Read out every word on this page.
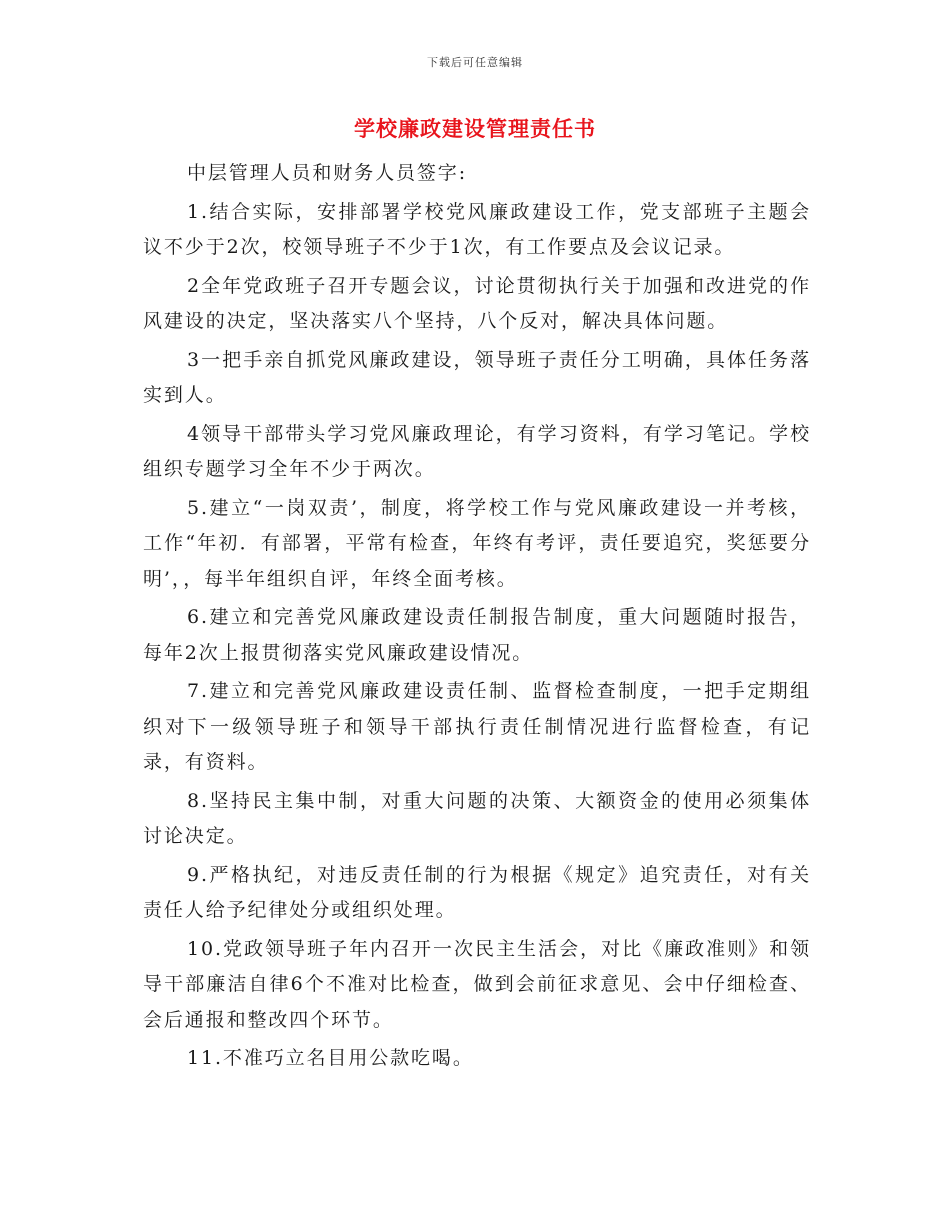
下载后可任意编辑
学校廉政建设管理责任书

中层管理人员和财务人员签字:

1.结合实际，安排部署学校党风廉政建设工作，党支部班子主题会议不少于2次，校领导班子不少于1次，有工作要点及会议记录。

2全年党政班子召开专题会议，讨论贯彻执行关于加强和改进党的作风建设的决定，坚决落实八个坚持，八个反对，解决具体问题。

3一把手亲自抓党风廉政建设，领导班子责任分工明确，具体任务落实到人。

4领导干部带头学习党风廉政理论，有学习资料，有学习笔记。学校组织专题学习全年不少于两次。

5.建立“一岗双责’，制度，将学校工作与党风廉政建设一并考核，工作“年初．有部署，平常有检查，年终有考评，责任要追究，奖惩要分明’，，每半年组织自评，年终全面考核。

6.建立和完善党风廉政建设责任制报告制度，重大问题随时报告，每年2次上报贯彻落实党风廉政建设情况。

7.建立和完善党风廉政建设责任制、监督检查制度，一把手定期组织对下一级领导班子和领导干部执行责任制情况进行监督检查，有记录，有资料。

8.坚持民主集中制，对重大问题的决策、大额资金的使用必须集体讨论决定。

9.严格执纪，对违反责任制的行为根据《规定》追究责任，对有关责任人给予纪律处分或组织处理。

10.党政领导班子年内召开一次民主生活会，对比《廉政准则》和领导干部廉洁自律6个不准对比检查，做到会前征求意见、会中仔细检查、会后通报和整改四个环节。

11.不准巧立名目用公款吃喝。
